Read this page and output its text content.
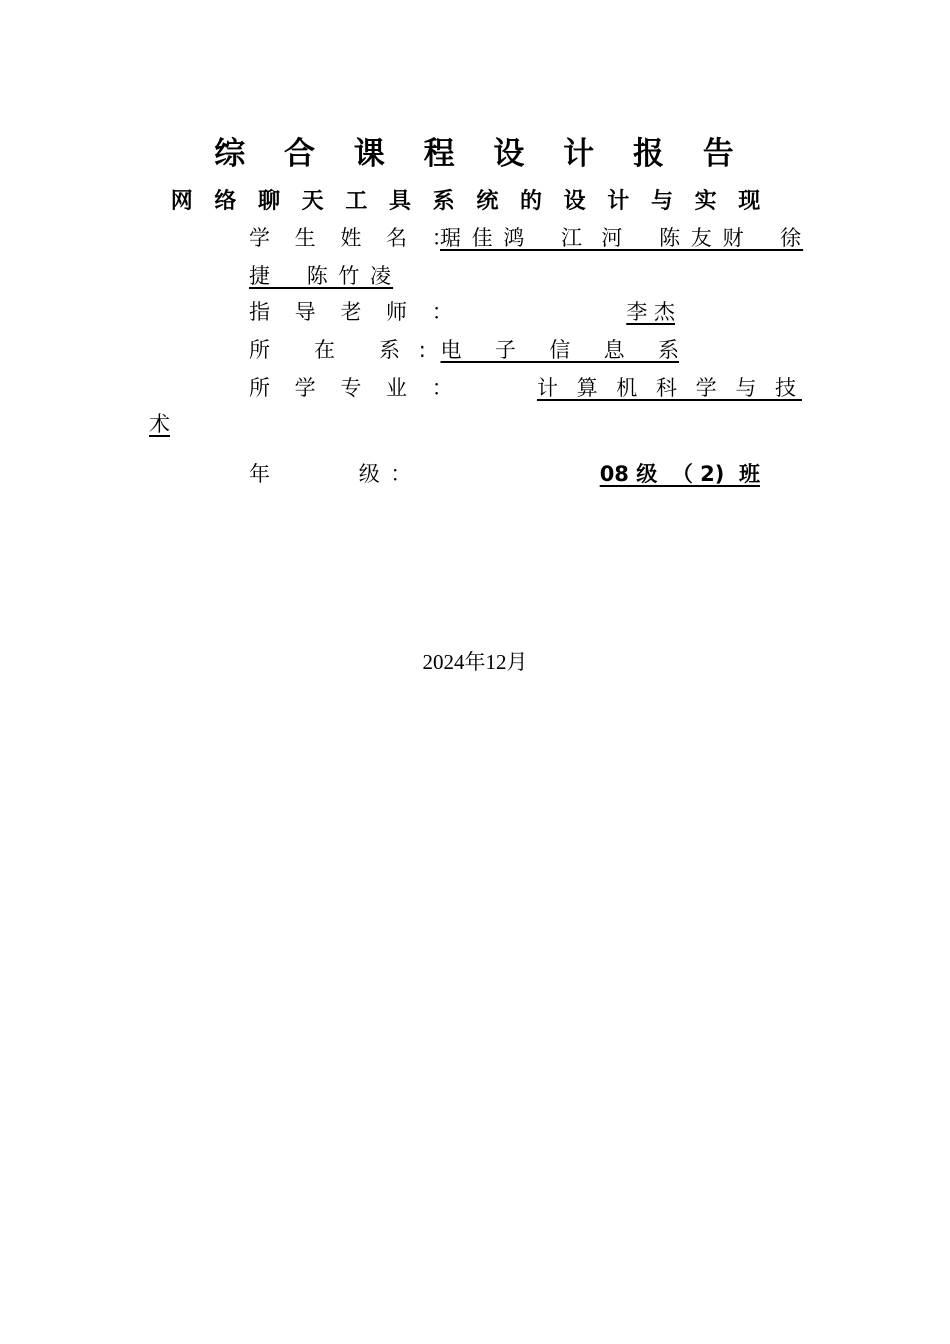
综 合 课 程 设 计 报 告
网 络 聊 天 工 具 系 统 的 设 计 与 实 现
学 生 姓 名 ：
琚 佳 鸿    江  河    陈 友 财    徐
捷    陈 竹 凌
指 导 老 师 ：	李 杰
所   在   系 : 电     子     信     息     系
所 学 专 业 ：	计 算 机 科 学 与 技
术
年          级 ：	08 级  （ 2)  班
2024年12月
